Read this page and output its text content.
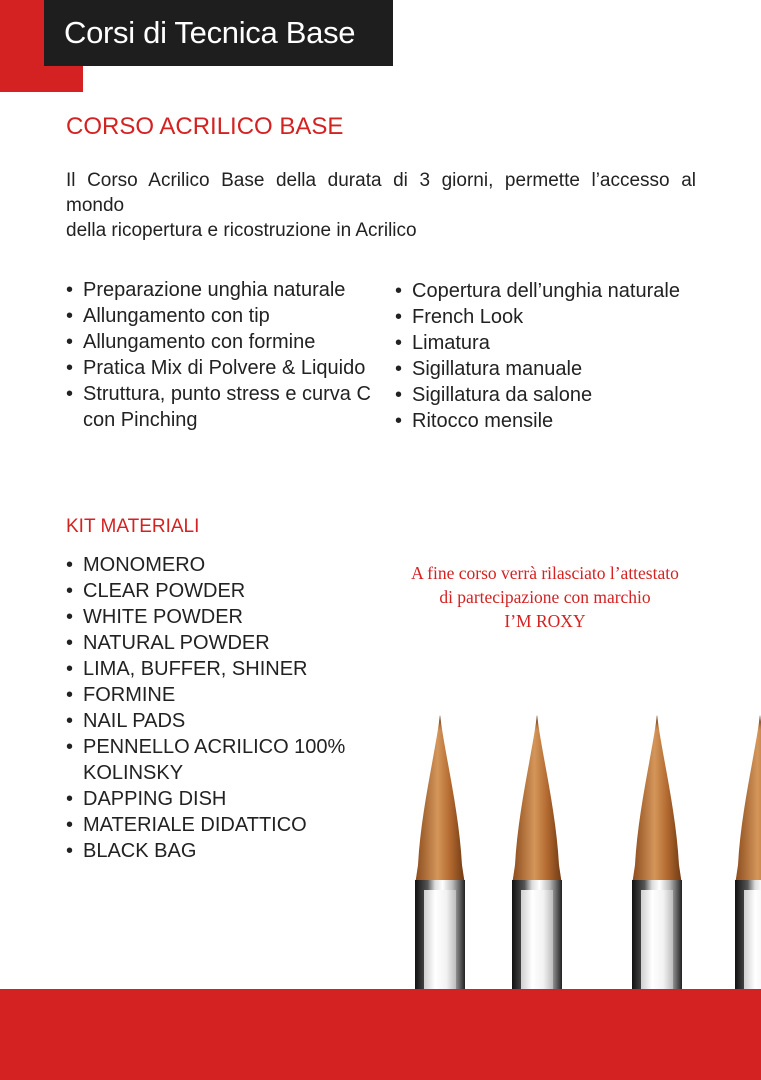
Corsi di Tecnica Base
CORSO ACRILICO BASE
Il Corso Acrilico Base della durata di 3 giorni, permette l’accesso al
mondo
della ricopertura e ricostruzione in Acrilico
• Preparazione unghia naturale
• Allungamento con tip
• Allungamento con formine
• Pratica Mix di Polvere & Liquido
• Struttura, punto stress e curva C con Pinching
• Copertura dell’unghia naturale
• French Look
• Limatura
• Sigillatura manuale
• Sigillatura da salone
• Ritocco mensile
KIT MATERIALI
• MONOMERO
• CLEAR POWDER
• WHITE POWDER
• NATURAL POWDER
• LIMA, BUFFER, SHINER
• FORMINE
• NAIL PADS
• PENNELLO ACRILICO 100% KOLINSKY
• DAPPING DISH
• MATERIALE DIDATTICO
• BLACK BAG
A fine corso verrà rilasciato l’attestato
di partecipazione con marchio
I’M ROXY
